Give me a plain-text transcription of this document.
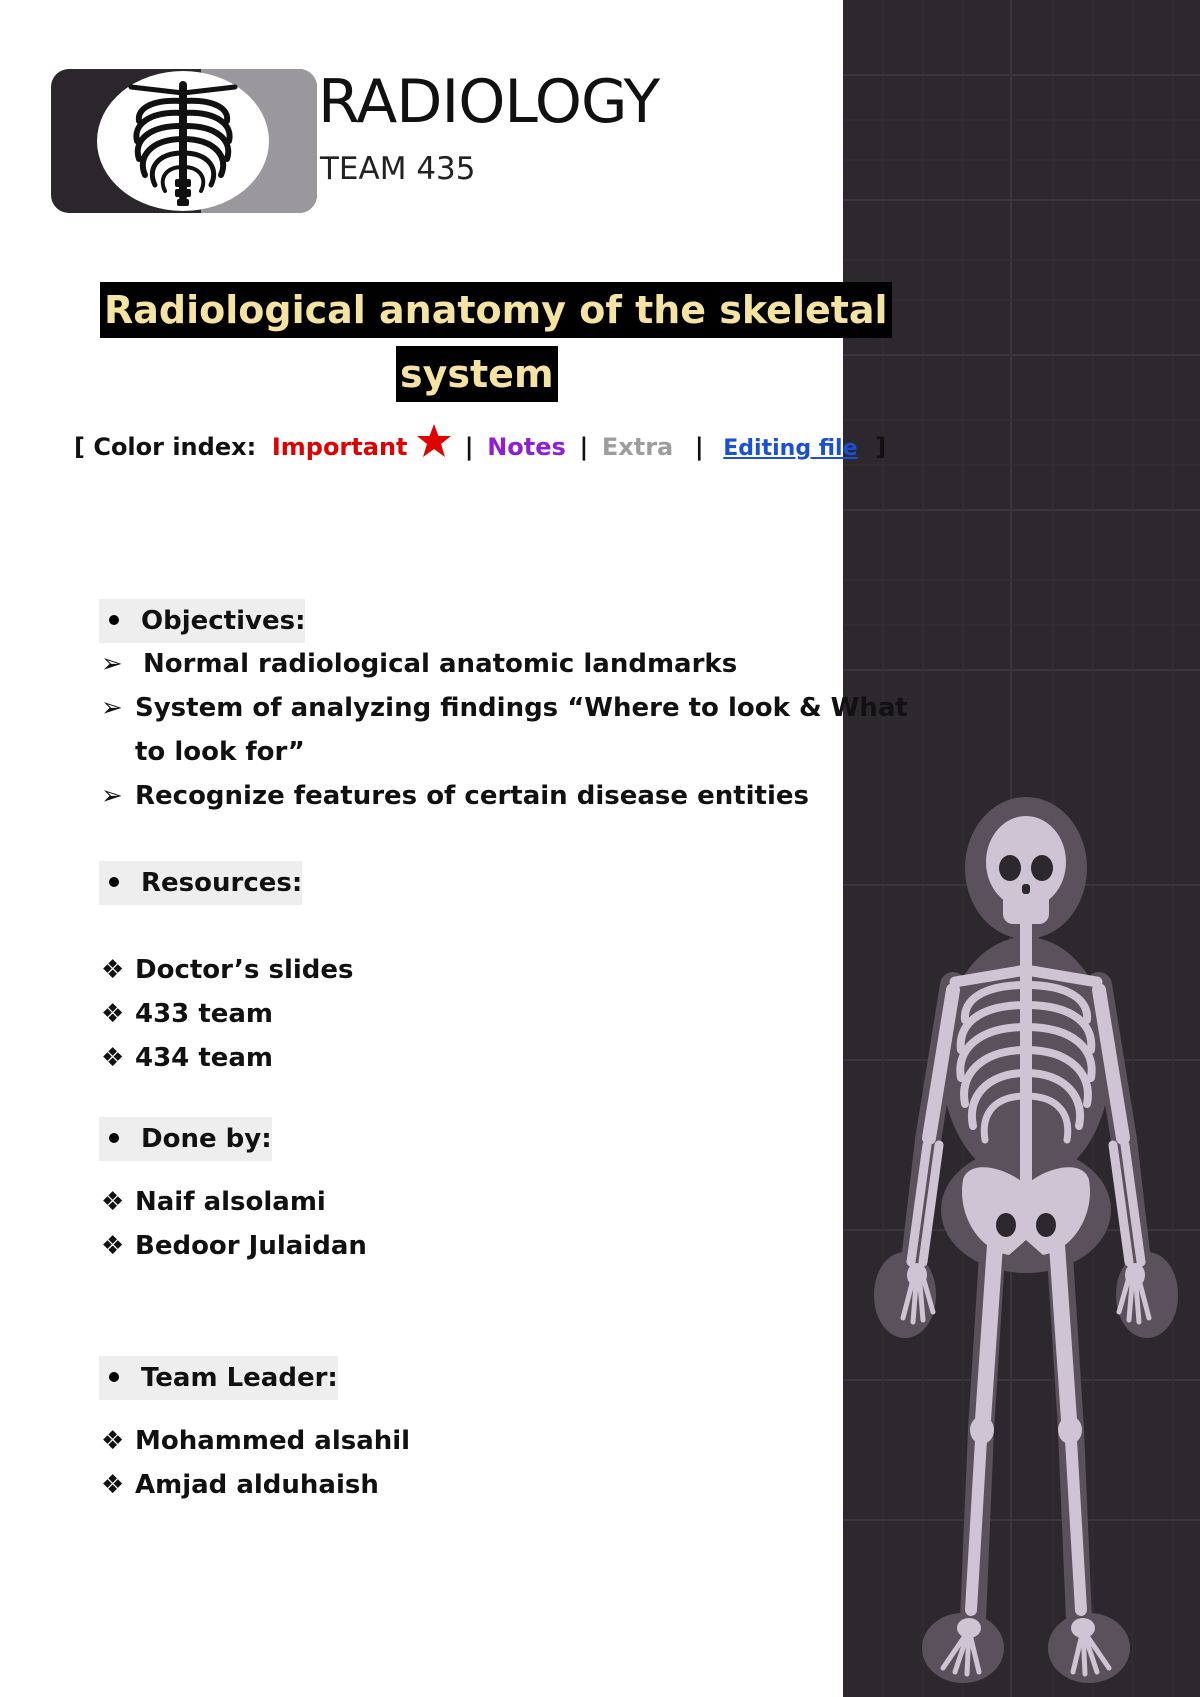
RADIOLOGY
TEAM 435
Radiological anatomy of the skeletal
system
[ Color index: Important | Notes | Extra | Editing file ]
Objectives:
➢ Normal radiological anatomic landmarks
➢ System of analyzing findings “Where to look & What
to look for”
➢ Recognize features of certain disease entities
Resources:
❖ Doctor’s slides
❖ 433 team
❖ 434 team
Done by:
❖ Naif alsolami
❖ Bedoor Julaidan
Team Leader:
❖ Mohammed alsahil
❖ Amjad alduhaish
